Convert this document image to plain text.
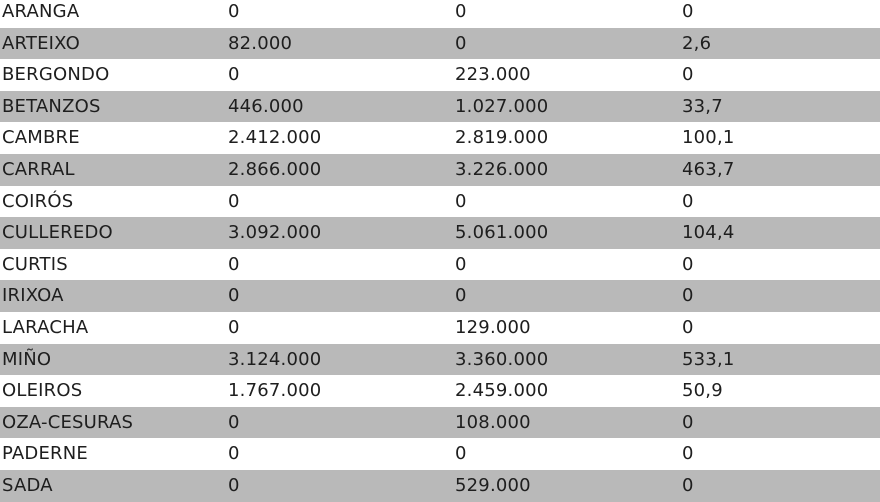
ARANGA	0	0	0
ARTEIXO	82.000	0	2,6
BERGONDO	0	223.000	0
BETANZOS	446.000	1.027.000	33,7
CAMBRE	2.412.000	2.819.000	100,1
CARRAL	2.866.000	3.226.000	463,7
COIRÓS	0	0	0
CULLEREDO	3.092.000	5.061.000	104,4
CURTIS	0	0	0
IRIXOA	0	0	0
LARACHA	0	129.000	0
MIÑO	3.124.000	3.360.000	533,1
OLEIROS	1.767.000	2.459.000	50,9
OZA-CESURAS	0	108.000	0
PADERNE	0	0	0
SADA	0	529.000	0
